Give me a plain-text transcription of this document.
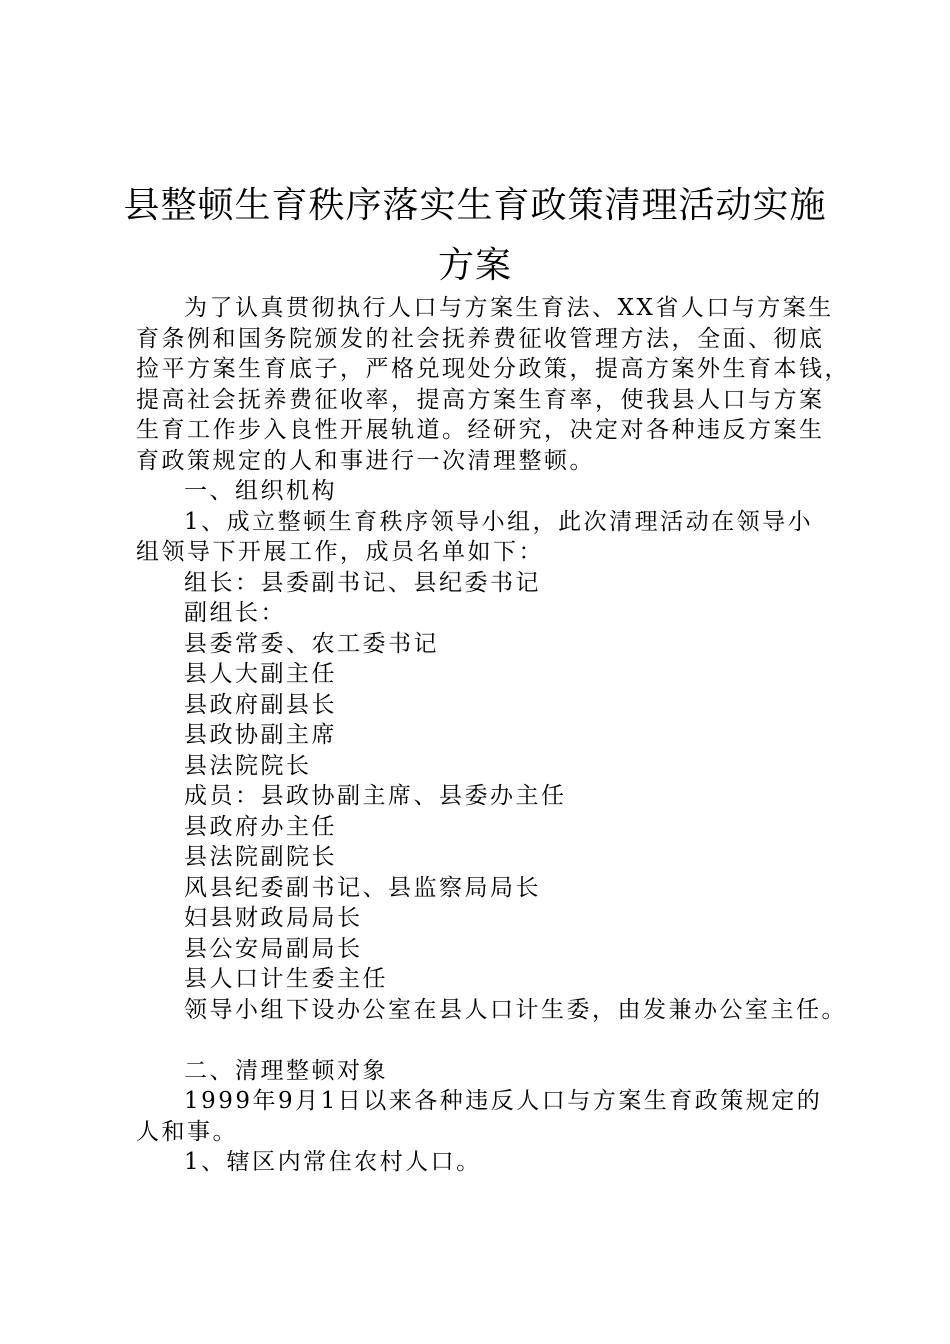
县整顿生育秩序落实生育政策清理活动实施
方案
为了认真贯彻执行人口与方案生育法、XX省人口与方案生
育条例和国务院颁发的社会抚养费征收管理方法，全面、彻底
捡平方案生育底子，严格兑现处分政策，提高方案外生育本钱，
提高社会抚养费征收率，提高方案生育率，使我县人口与方案
生育工作步入良性开展轨道。经研究，决定对各种违反方案生
育政策规定的人和事进行一次清理整顿。
一、组织机构
1、成立整顿生育秩序领导小组，此次清理活动在领导小
组领导下开展工作，成员名单如下：
组长：县委副书记、县纪委书记
副组长：
县委常委、农工委书记
县人大副主任
县政府副县长
县政协副主席
县法院院长
成员：县政协副主席、县委办主任
县政府办主任
县法院副院长
风县纪委副书记、县监察局局长
妇县财政局局长
县公安局副局长
县人口计生委主任
领导小组下设办公室在县人口计生委，由发兼办公室主任。
二、清理整顿对象
1999年9月1日以来各种违反人口与方案生育政策规定的
人和事。
1、辖区内常住农村人口。
